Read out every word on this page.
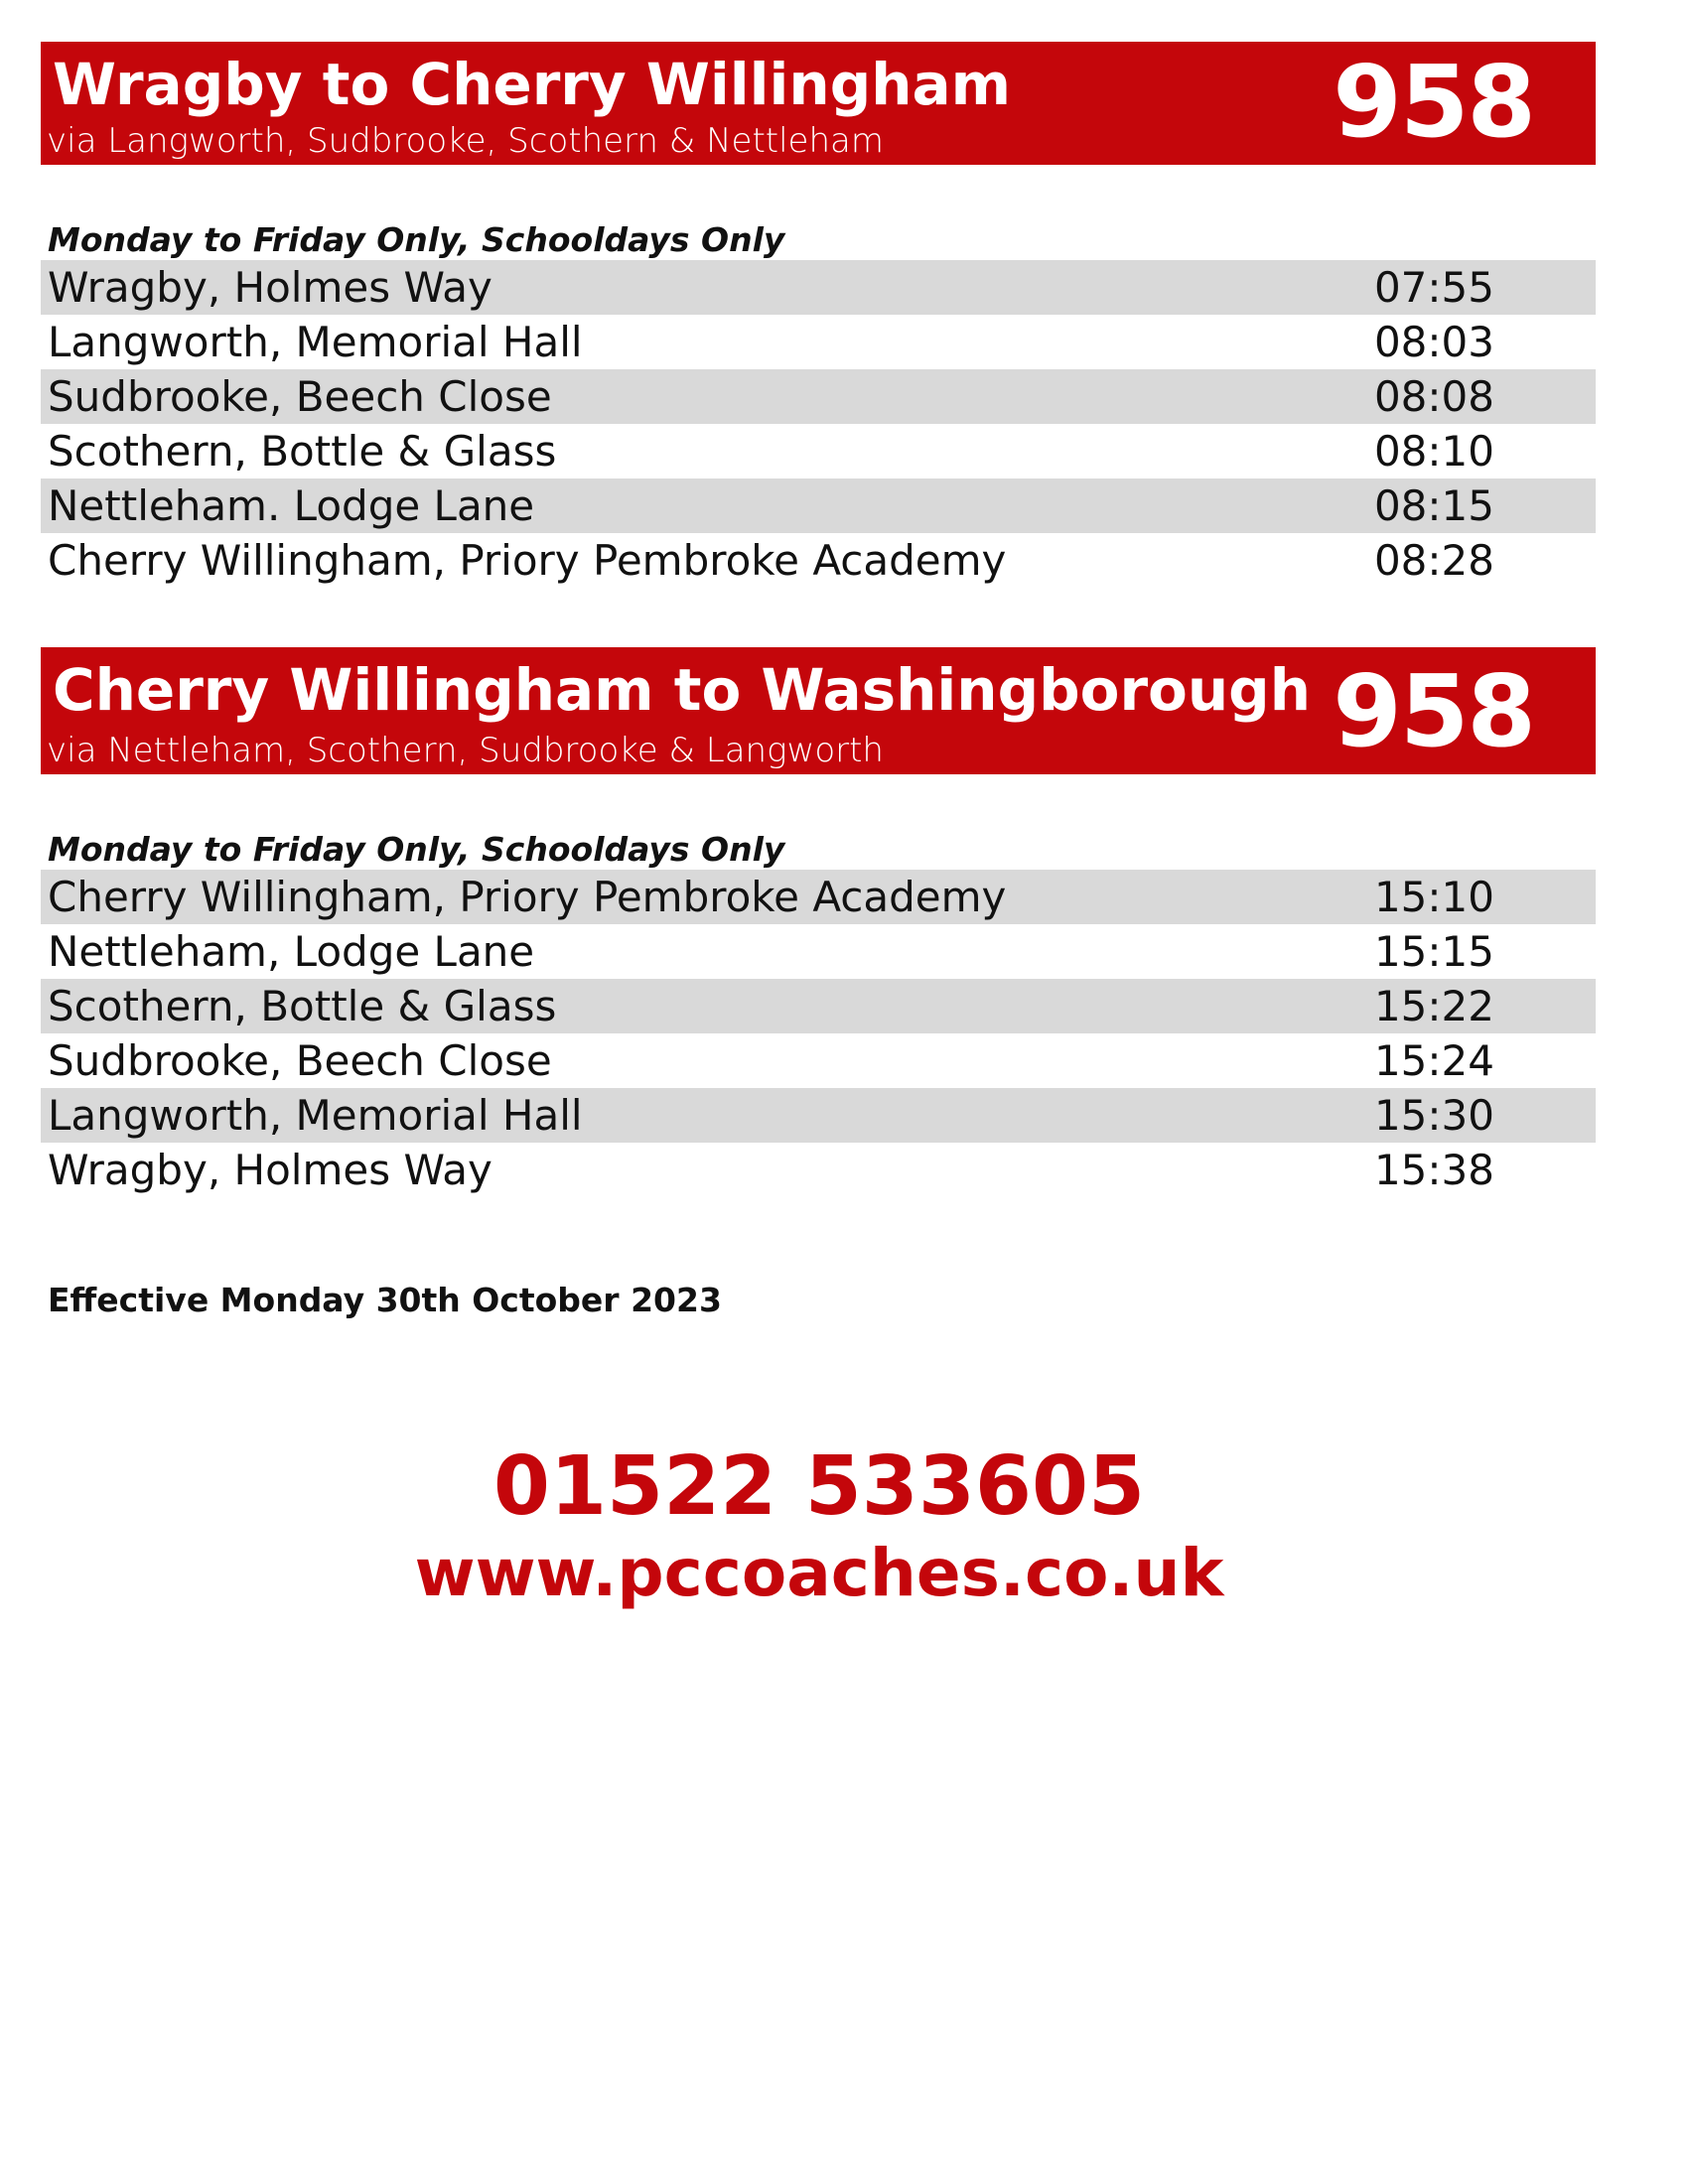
Wragby to Cherry Willingham
via Langworth, Sudbrooke, Scothern & Nettleham	958
Monday to Friday Only, Schooldays Only
Wragby, Holmes Way	07:55
Langworth, Memorial Hall	08:03
Sudbrooke, Beech Close	08:08
Scothern, Bottle & Glass	08:10
Nettleham. Lodge Lane	08:15
Cherry Willingham, Priory Pembroke Academy	08:28
Cherry Willingham to Washingborough
via Nettleham, Scothern, Sudbrooke & Langworth	958
Monday to Friday Only, Schooldays Only
Cherry Willingham, Priory Pembroke Academy	15:10
Nettleham, Lodge Lane	15:15
Scothern, Bottle & Glass	15:22
Sudbrooke, Beech Close	15:24
Langworth, Memorial Hall	15:30
Wragby, Holmes Way	15:38
Effective Monday 30th October 2023
01522 533605
www.pccoaches.co.uk
